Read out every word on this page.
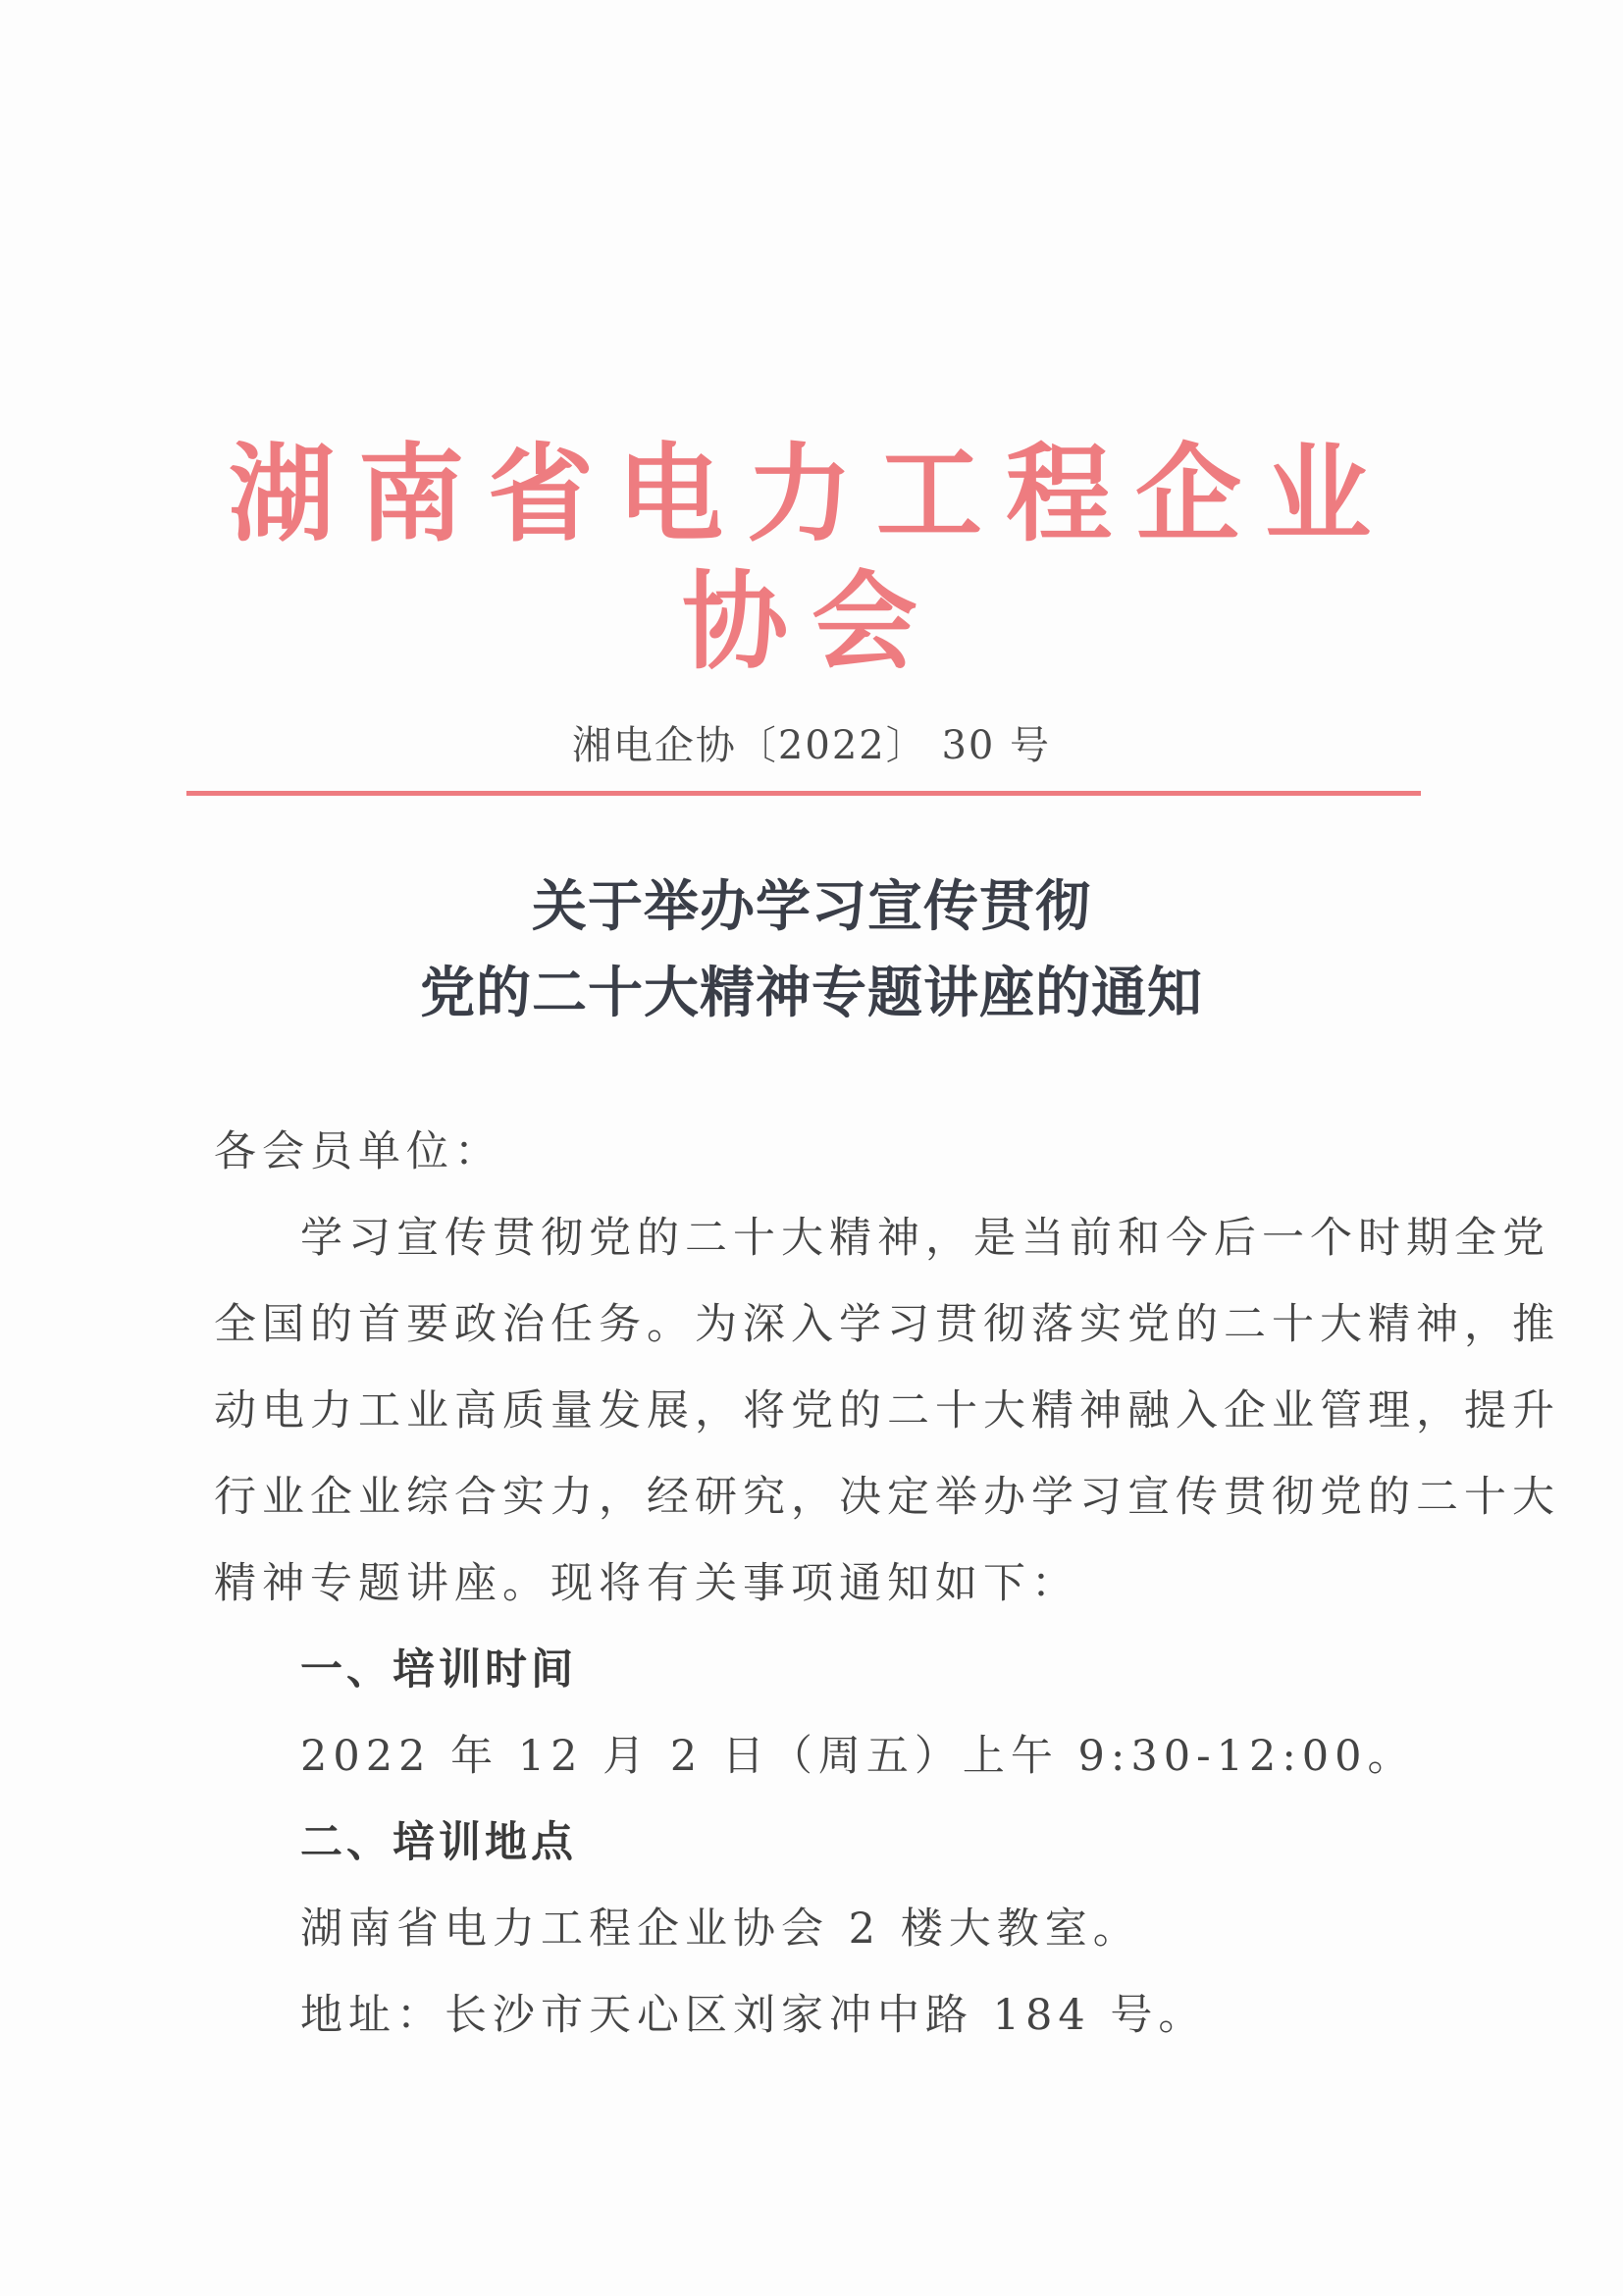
湖南省电力工程企业协会
湘电企协〔2022〕 30 号
关于举办学习宣传贯彻
党的二十大精神专题讲座的通知
各会员单位：
学习宣传贯彻党的二十大精神，是当前和今后一个时期全党
全国的首要政治任务。为深入学习贯彻落实党的二十大精神，推
动电力工业高质量发展，将党的二十大精神融入企业管理，提升
行业企业综合实力，经研究，决定举办学习宣传贯彻党的二十大
精神专题讲座。现将有关事项通知如下：
一、培训时间
2022 年 12 月 2 日（周五）上午 9:30-12:00。
二、培训地点
湖南省电力工程企业协会 2 楼大教室。
地址：长沙市天心区刘家冲中路 184 号。
